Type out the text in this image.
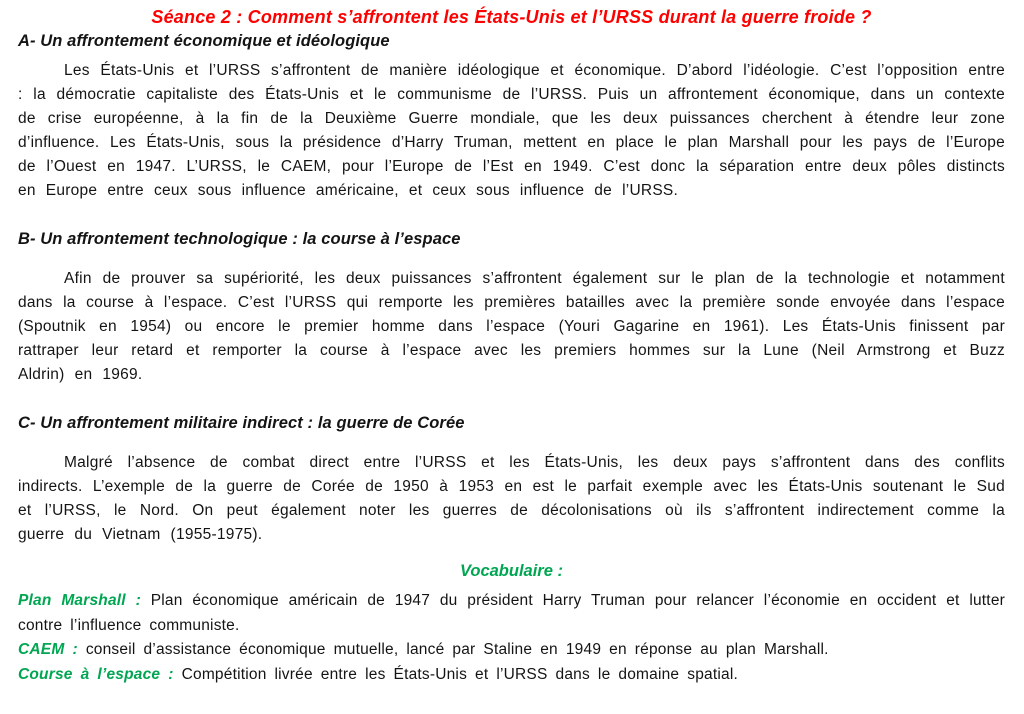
Séance 2 : Comment s’affrontent les États-Unis et l’URSS durant la guerre froide ?
A- Un affrontement économique et idéologique

Les États-Unis et l’URSS s’affrontent de manière idéologique et économique. D’abord l’idéologie. C’est l’opposition entre : la démocratie capitaliste des États-Unis et le communisme de l’URSS. Puis un affrontement économique, dans un contexte de crise européenne, à la fin de la Deuxième Guerre mondiale, que les deux puissances cherchent à étendre leur zone d’influence. Les États-Unis, sous la présidence d’Harry Truman, mettent en place le plan Marshall pour les pays de l’Europe de l’Ouest en 1947. L’URSS, le CAEM, pour l’Europe de l’Est en 1949. C’est donc la séparation entre deux pôles distincts en Europe entre ceux sous influence américaine, et ceux sous influence de l’URSS.

B- Un affrontement technologique : la course à l’espace

Afin de prouver sa supériorité, les deux puissances s’affrontent également sur le plan de la technologie et notamment dans la course à l’espace. C’est l’URSS qui remporte les premières batailles avec la première sonde envoyée dans l’espace (Spoutnik en 1954) ou encore le premier homme dans l’espace (Youri Gagarine en 1961). Les États-Unis finissent par rattraper leur retard et remporter la course à l’espace avec les premiers hommes sur la Lune (Neil Armstrong et Buzz Aldrin) en 1969.

C- Un affrontement militaire indirect : la guerre de Corée

Malgré l’absence de combat direct entre l’URSS et les États-Unis, les deux pays s’affrontent dans des conflits indirects. L’exemple de la guerre de Corée de 1950 à 1953 en est le parfait exemple avec les États-Unis soutenant le Sud et l’URSS, le Nord. On peut également noter les guerres de décolonisations où ils s’affrontent indirectement comme la guerre du Vietnam (1955-1975).

Vocabulaire :

Plan Marshall : Plan économique américain de 1947 du président Harry Truman pour relancer l’économie en occident et lutter contre l’influence communiste.

CAEM : conseil d’assistance économique mutuelle, lancé par Staline en 1949 en réponse au plan Marshall.

Course à l’espace : Compétition livrée entre les États-Unis et l’URSS dans le domaine spatial.
